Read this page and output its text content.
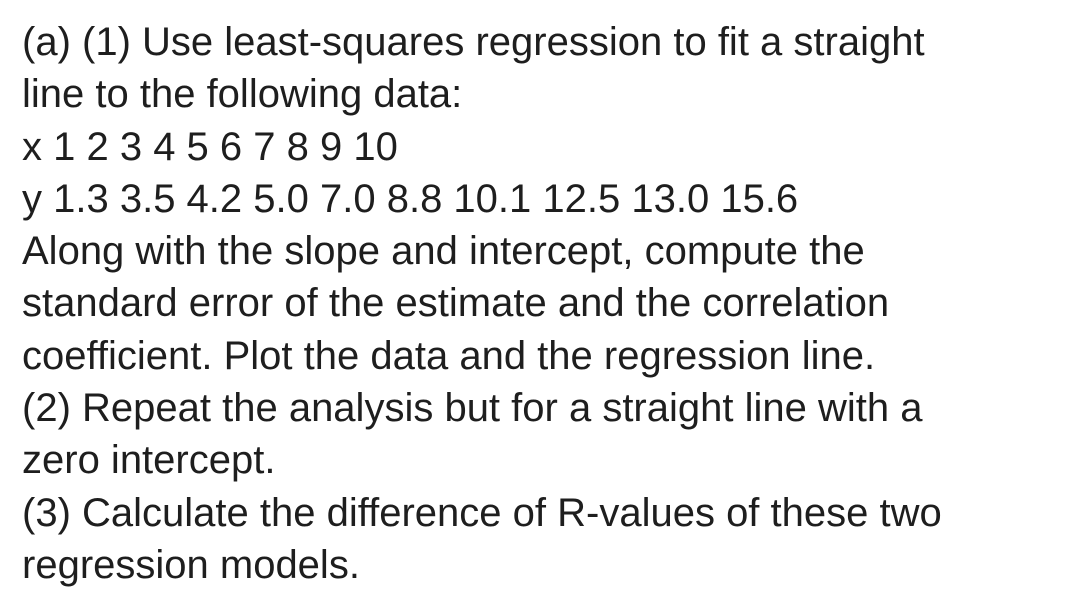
(a) (1) Use least-squares regression to fit a straight

line to the following data:

x 1 2 3 4 5 6 7 8 9 10

y 1.3 3.5 4.2 5.0 7.0 8.8 10.1 12.5 13.0 15.6

Along with the slope and intercept, compute the

standard error of the estimate and the correlation

coefficient. Plot the data and the regression line.

(2) Repeat the analysis but for a straight line with a

zero intercept.

(3) Calculate the difference of R-values of these two

regression models.
